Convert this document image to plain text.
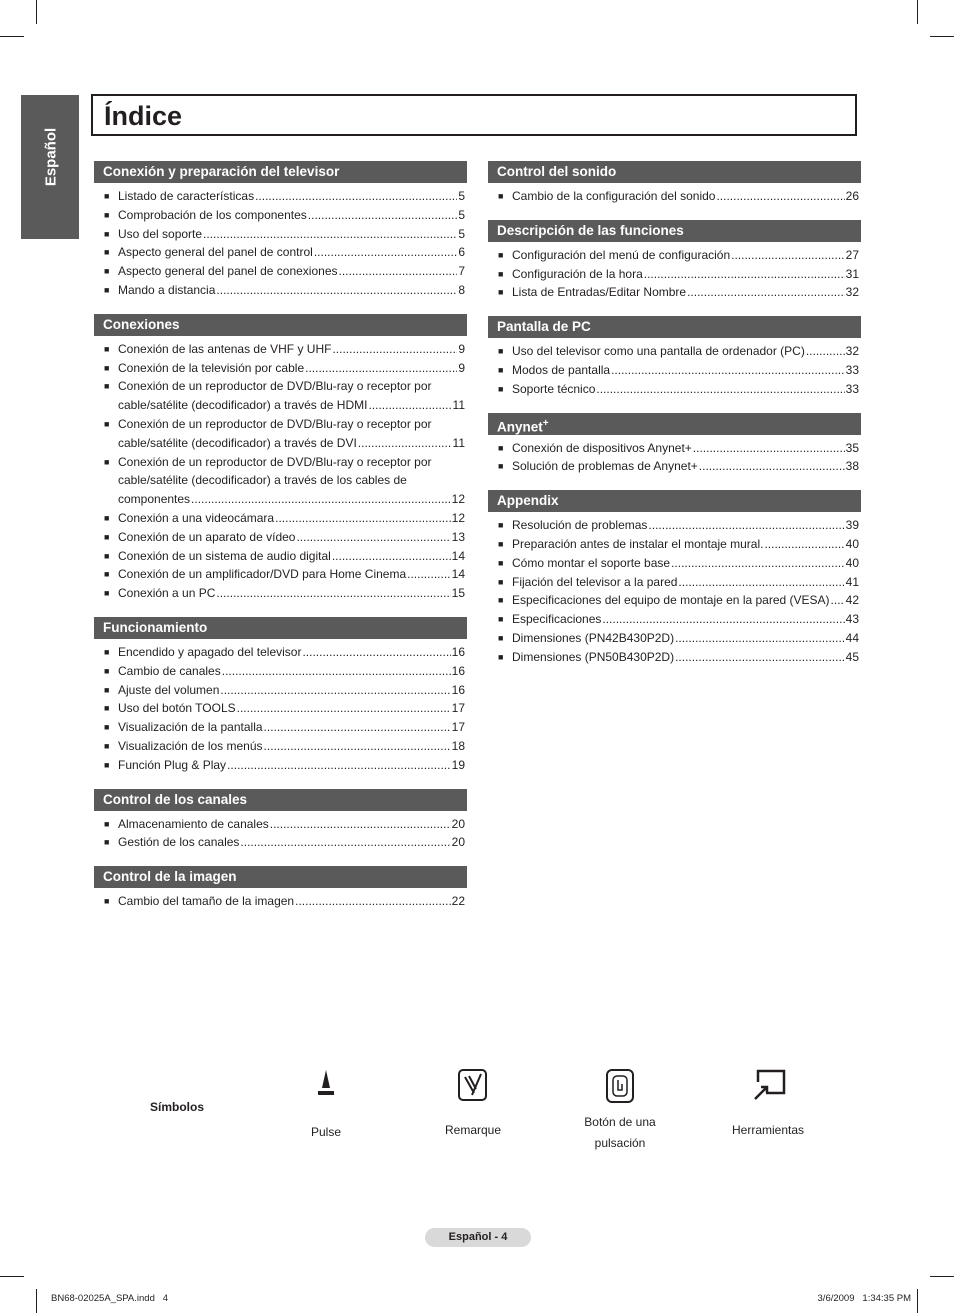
Español
Índice
Conexión y preparación del televisor
■ Listado de características .....	5
■ Comprobación de los componentes .....	5
■ Uso del soporte .....	5
■ Aspecto general del panel de control .....	6
■ Aspecto general del panel de conexiones .....	7
■ Mando a distancia .....	8
Conexiones
■ Conexión de las antenas de VHF y UHF .....	9
■ Conexión de la televisión por cable .....	9
■ Conexión de un reproductor de DVD/Blu-ray o receptor por
cable/satélite (decodificador) a través de HDMI .....	11
■ Conexión de un reproductor de DVD/Blu-ray o receptor por
cable/satélite (decodificador) a través de DVI .....	11
■ Conexión de un reproductor de DVD/Blu-ray o receptor por
cable/satélite (decodificador) a través de los cables de
componentes .....	12
■ Conexión a una videocámara .....	12
■ Conexión de un aparato de vídeo .....	13
■ Conexión de un sistema de audio digital .....	14
■ Conexión de un amplificador/DVD para Home Cinema .....	14
■ Conexión a un PC .....	15
Funcionamiento
■ Encendido y apagado del televisor .....	16
■ Cambio de canales .....	16
■ Ajuste del volumen .....	16
■ Uso del botón TOOLS .....	17
■ Visualización de la pantalla .....	17
■ Visualización de los menús .....	18
■ Función Plug & Play .....	19
Control de los canales
■ Almacenamiento de canales .....	20
■ Gestión de los canales .....	20
Control de la imagen
■ Cambio del tamaño de la imagen .....	22
Control del sonido
■ Cambio de la configuración del sonido .....	26
Descripción de las funciones
■ Configuración del menú de configuración .....	27
■ Configuración de la hora .....	31
■ Lista de Entradas/Editar Nombre .....	32
Pantalla de PC
■ Uso del televisor como una pantalla de ordenador (PC) .....	32
■ Modos de pantalla .....	33
■ Soporte técnico .....	33
Anynet+
■ Conexión de dispositivos Anynet+ .....	35
■ Solución de problemas de Anynet+ .....	38
Appendix
■ Resolución de problemas .....	39
■ Preparación antes de instalar el montaje mural. .....	40
■ Cómo montar el soporte base .....	40
■ Fijación del televisor a la pared .....	41
■ Especificaciones del equipo de montaje en la pared (VESA) ..... 42
■ Especificaciones .....	43
■ Dimensiones (PN42B430P2D) .....	44
■ Dimensiones (PN50B430P2D) .....	45
Símbolos
Pulse	Remarque
Botón de una pulsación
Herramientas
Español - 4
BN68-02025A_SPA.indd   4	3/6/2009   1:34:35 PM
